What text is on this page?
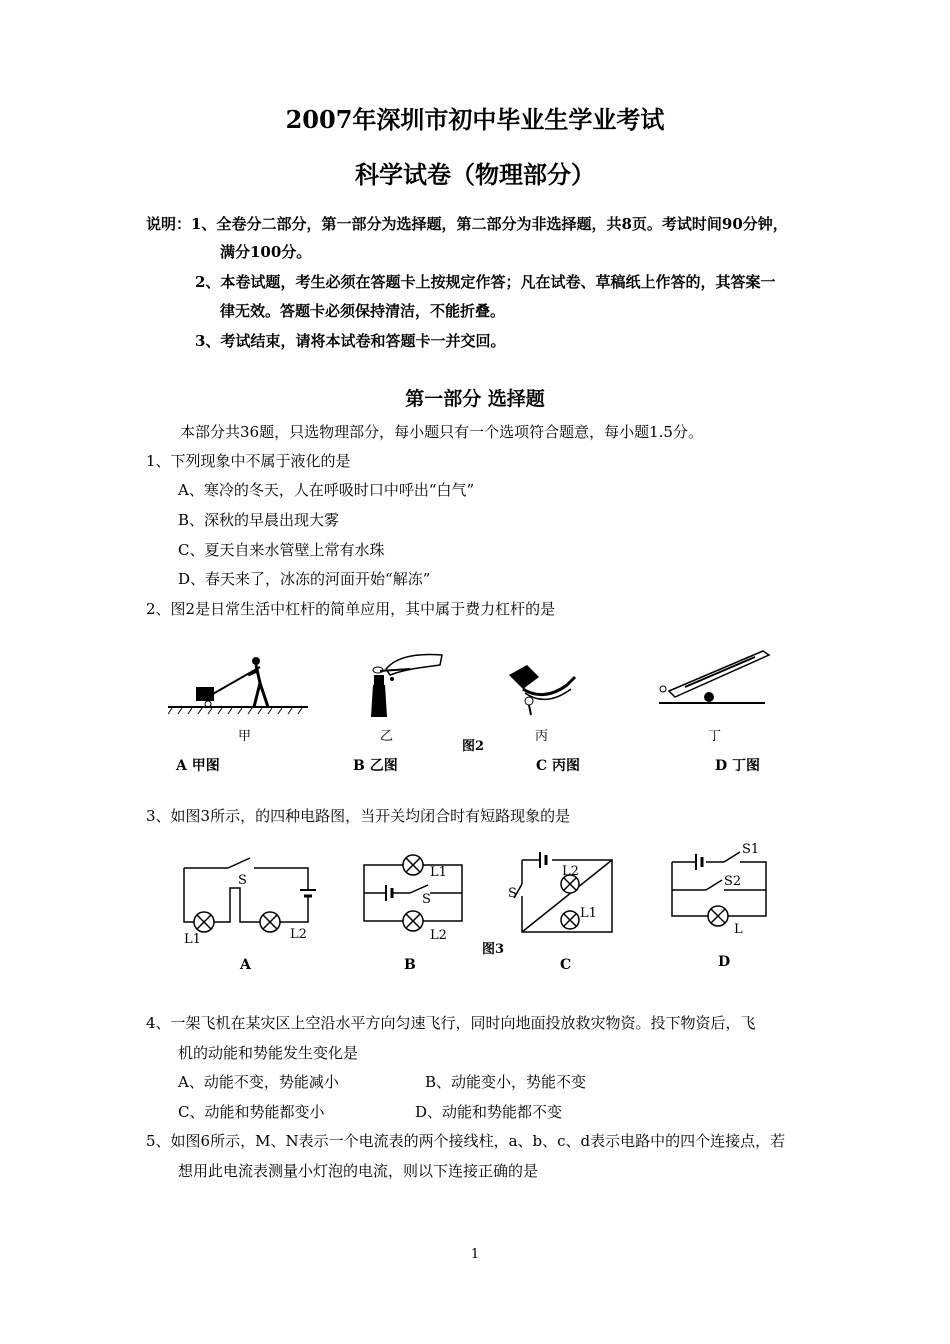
2007年深圳市初中毕业生学业考试
科学试卷（物理部分）
说明：1、全卷分二部分，第一部分为选择题，第二部分为非选择题，共8页。考试时间90分钟，
满分100分。
2、本卷试题，考生必须在答题卡上按规定作答；凡在试卷、草稿纸上作答的，其答案一
律无效。答题卡必须保持清洁，不能折叠。
3、考试结束，请将本试卷和答题卡一并交回。
第一部分 选择题
本部分共36题，只选物理部分，每小题只有一个选项符合题意，每小题1.5分。
1、下列现象中不属于液化的是
A、寒冷的冬天，人在呼吸时口中呼出“白气”
B、深秋的早晨出现大雾
C、夏天自来水管壁上常有水珠
D、春天来了，冰冻的河面开始“解冻”
2、图2是日常生活中杠杆的简单应用，其中属于费力杠杆的是
甲	乙	丙	丁
图2
A 甲图	B 乙图	C 丙图	D 丁图
3、如图3所示，的四种电路图，当开关均闭合时有短路现象的是
S
L1	L2
A
L1
S
L2
B
图3
S
L2
L1
C
S1
S2
L
D
4、一架飞机在某灾区上空沿水平方向匀速飞行，同时向地面投放救灾物资。投下物资后，飞
机的动能和势能发生变化是
A、动能不变，势能减小	B、动能变小，势能不变
C、动能和势能都变小	D、动能和势能都不变
5、如图6所示，M、N表示一个电流表的两个接线柱，a、b、c、d表示电路中的四个连接点，若
想用此电流表测量小灯泡的电流，则以下连接正确的是
1
